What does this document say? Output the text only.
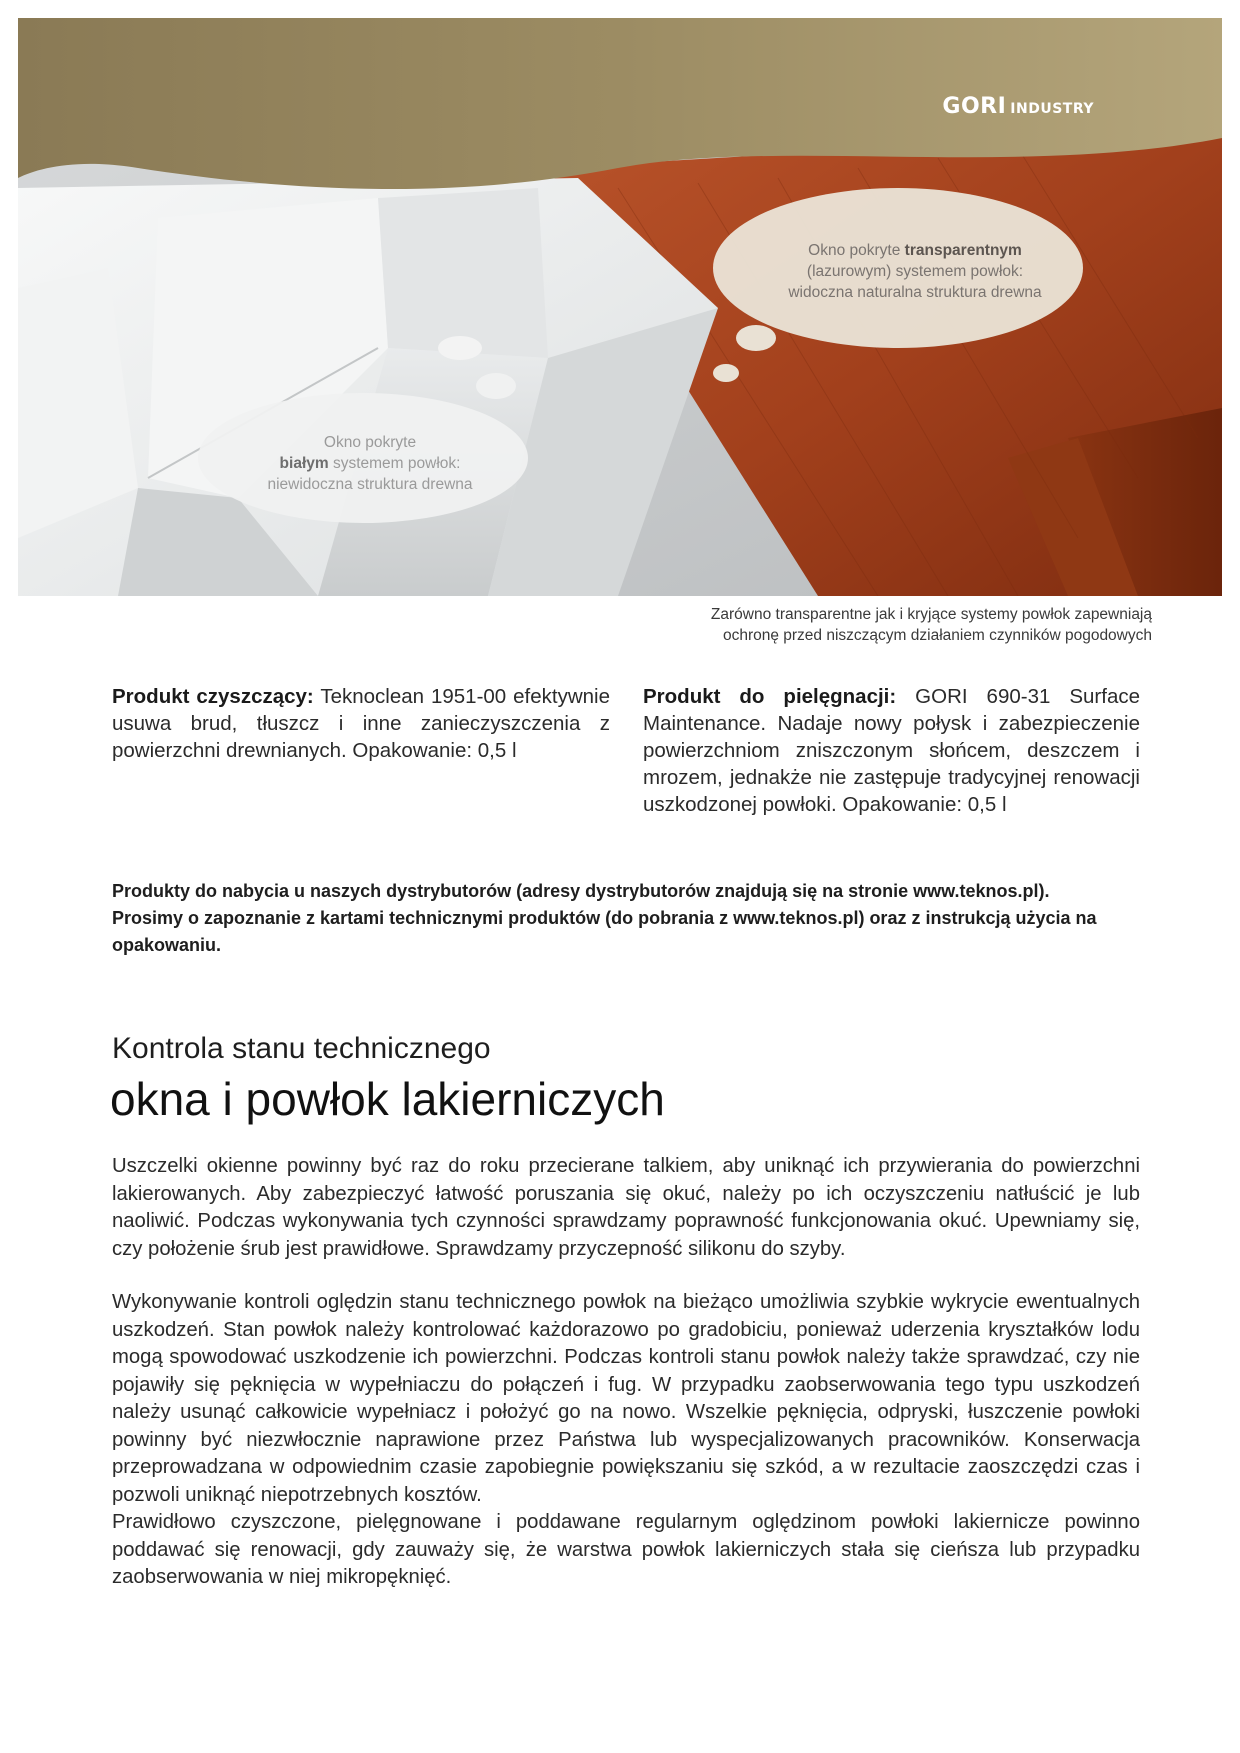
GORI INDUSTRY
Okno pokryte transparentnym
(lazurowym) systemem powłok:
widoczna naturalna struktura drewna
Okno pokryte
białym systemem powłok:
niewidoczna struktura drewna
Zarówno transparentne jak i kryjące systemy powłok zapewniają
ochronę przed niszczącym działaniem czynników pogodowych
Produkt czyszczący: Teknoclean 1951-00 efektywnie usuwa brud, tłuszcz i inne zanieczyszczenia z powierzchni drewnianych. Opakowanie: 0,5 l
Produkt do pielęgnacji: GORI 690-31 Surface Maintenance. Nadaje nowy połysk i zabezpieczenie powierzchniom zniszczonym słońcem, deszczem i mrozem, jednakże nie zastępuje tradycyjnej renowacji uszkodzonej powłoki. Opakowanie: 0,5 l
Produkty do nabycia u naszych dystrybutorów (adresy dystrybutorów znajdują się na stronie www.teknos.pl).
Prosimy o zapoznanie z kartami technicznymi produktów (do pobrania z www.teknos.pl) oraz z instrukcją użycia na opakowaniu.
Kontrola stanu technicznego
okna i powłok lakierniczych
Uszczelki okienne powinny być raz do roku przecierane talkiem, aby uniknąć ich przywierania do powierzchni lakierowanych. Aby zabezpieczyć łatwość poruszania się okuć, należy po ich oczyszczeniu natłuścić je lub naoliwić. Podczas wykonywania tych czynności sprawdzamy poprawność funkcjonowania okuć. Upewniamy się, czy położenie śrub jest prawidłowe. Sprawdzamy przyczepność silikonu do szyby.
Wykonywanie kontroli oględzin stanu technicznego powłok na bieżąco umożliwia szybkie wykrycie ewentualnych uszkodzeń. Stan powłok należy kontrolować każdorazowo po gradobiciu, ponieważ uderzenia kryształków lodu mogą spowodować uszkodzenie ich powierzchni. Podczas kontroli stanu powłok należy także sprawdzać, czy nie pojawiły się pęknięcia w wypełniaczu do połączeń i fug. W przypadku zaobserwowania tego typu uszkodzeń należy usunąć całkowicie wypełniacz i położyć go na nowo. Wszelkie pęknięcia, odpryski, łuszczenie powłoki powinny być niezwłocznie naprawione przez Państwa lub wyspecjalizowanych pracowników. Konserwacja przeprowadzana w odpowiednim czasie zapobiegnie powiększaniu się szkód, a w rezultacie zaoszczędzi czas i pozwoli uniknąć niepotrzebnych kosztów.
Prawidłowo czyszczone, pielęgnowane i poddawane regularnym oględzinom powłoki lakiernicze powinno poddawać się renowacji, gdy zauważy się, że warstwa powłok lakierniczych stała się cieńsza lub przypadku zaobserwowania w niej mikropęknięć.
